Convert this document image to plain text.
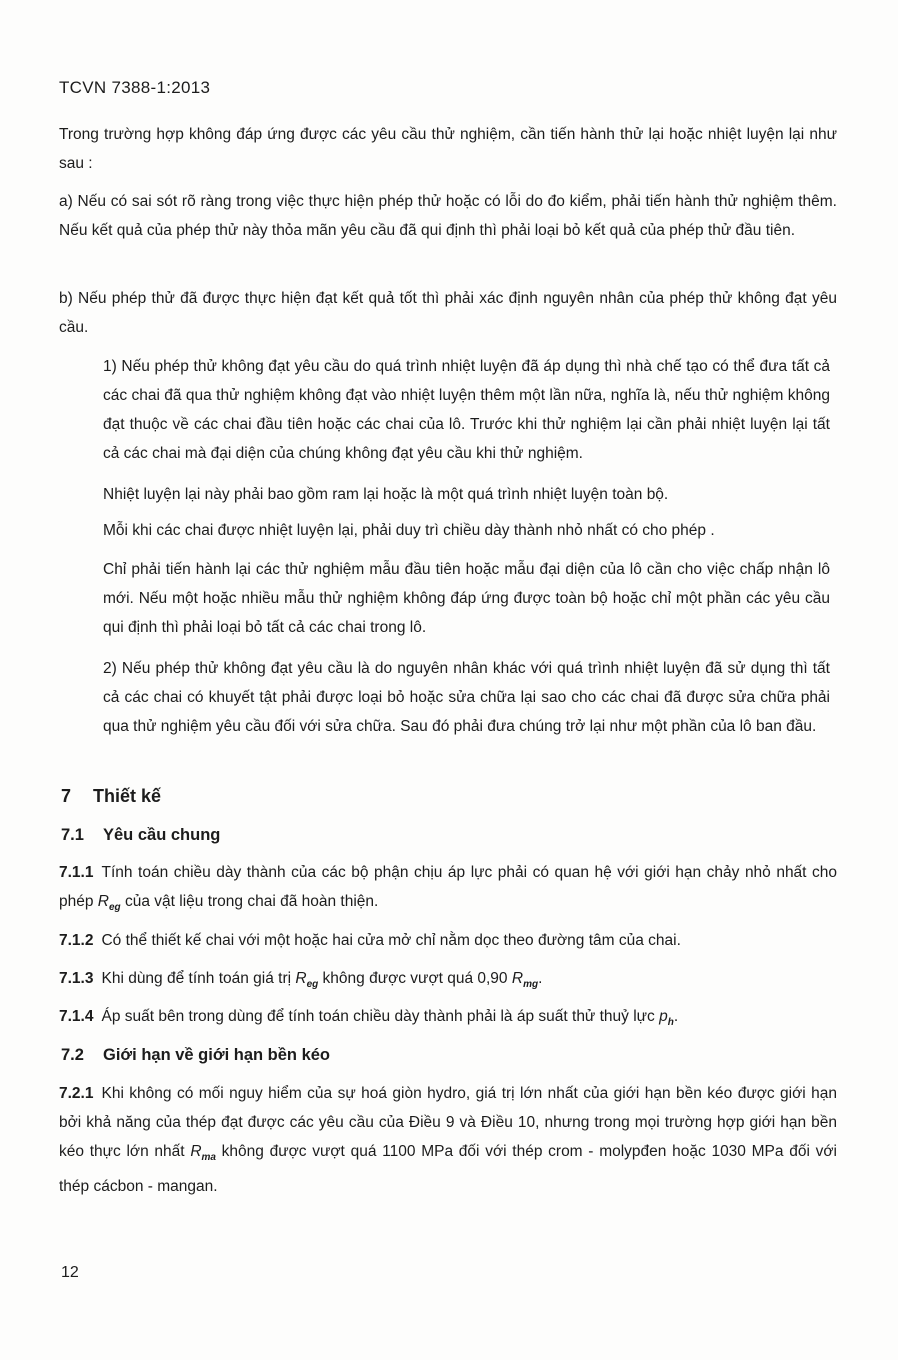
TCVN 7388-1:2013

Trong trường hợp không đáp ứng được các yêu cầu thử nghiệm, cần tiến hành thử lại hoặc nhiệt luyện lại như sau :

a) Nếu có sai sót rõ ràng trong việc thực hiện phép thử hoặc có lỗi do đo kiểm, phải tiến hành thử nghiệm thêm. Nếu kết quả của phép thử này thỏa mãn yêu cầu đã qui định thì phải loại bỏ kết quả của phép thử đầu tiên.

b) Nếu phép thử đã được thực hiện đạt kết quả tốt thì phải xác định nguyên nhân của phép thử không đạt yêu cầu.

1) Nếu phép thử không đạt yêu cầu do quá trình nhiệt luyện đã áp dụng thì nhà chế tạo có thể đưa tất cả các chai đã qua thử nghiệm không đạt vào nhiệt luyện thêm một lần nữa, nghĩa là, nếu thử nghiệm không đạt thuộc về các chai đầu tiên hoặc các chai của lô. Trước khi thử nghiệm lại cần phải nhiệt luyện lại tất cả các chai mà đại diện của chúng không đạt yêu cầu khi thử nghiệm.

Nhiệt luyện lại này phải bao gồm ram lại hoặc là một quá trình nhiệt luyện toàn bộ.

Mỗi khi các chai được nhiệt luyện lại, phải duy trì chiều dày thành nhỏ nhất có cho phép .

Chỉ phải tiến hành lại các thử nghiệm mẫu đầu tiên hoặc mẫu đại diện của lô cần cho việc chấp nhận lô mới. Nếu một hoặc nhiều mẫu thử nghiệm không đáp ứng được toàn bộ hoặc chỉ một phần các yêu cầu qui định thì phải loại bỏ tất cả các chai trong lô.

2) Nếu phép thử không đạt yêu cầu là do nguyên nhân khác với quá trình nhiệt luyện đã sử dụng thì tất cả các chai có khuyết tật phải được loại bỏ hoặc sửa chữa lại sao cho các chai đã được sửa chữa phải qua thử nghiệm yêu cầu đối với sửa chữa. Sau đó phải đưa chúng trở lại như một phần của lô ban đầu.

7 Thiết kế
7.1 Yêu cầu chung

7.1.1 Tính toán chiều dày thành của các bộ phận chịu áp lực phải có quan hệ với giới hạn chảy nhỏ nhất cho phép $R_{eg}$ của vật liệu trong chai đã hoàn thiện.

7.1.2 Có thể thiết kế chai với một hoặc hai cửa mở chỉ nằm dọc theo đường tâm của chai.

7.1.3 Khi dùng để tính toán giá trị $R_{eg}$ không được vượt quá 0,90 $R_{mg}$.

7.1.4 Áp suất bên trong dùng để tính toán chiều dày thành phải là áp suất thử thuỷ lực $p_h$.

7.2 Giới hạn về giới hạn bền kéo

7.2.1 Khi không có mối nguy hiểm của sự hoá giòn hydro, giá trị lớn nhất của giới hạn bền kéo được giới hạn bởi khả năng của thép đạt được các yêu cầu của Điều 9 và Điều 10, nhưng trong mọi trường hợp giới hạn bền kéo thực lớn nhất $R_{ma}$ không được vượt quá 1100 MPa đối với thép crom - molypđen hoặc 1030 MPa đối với thép cácbon - mangan.

12
